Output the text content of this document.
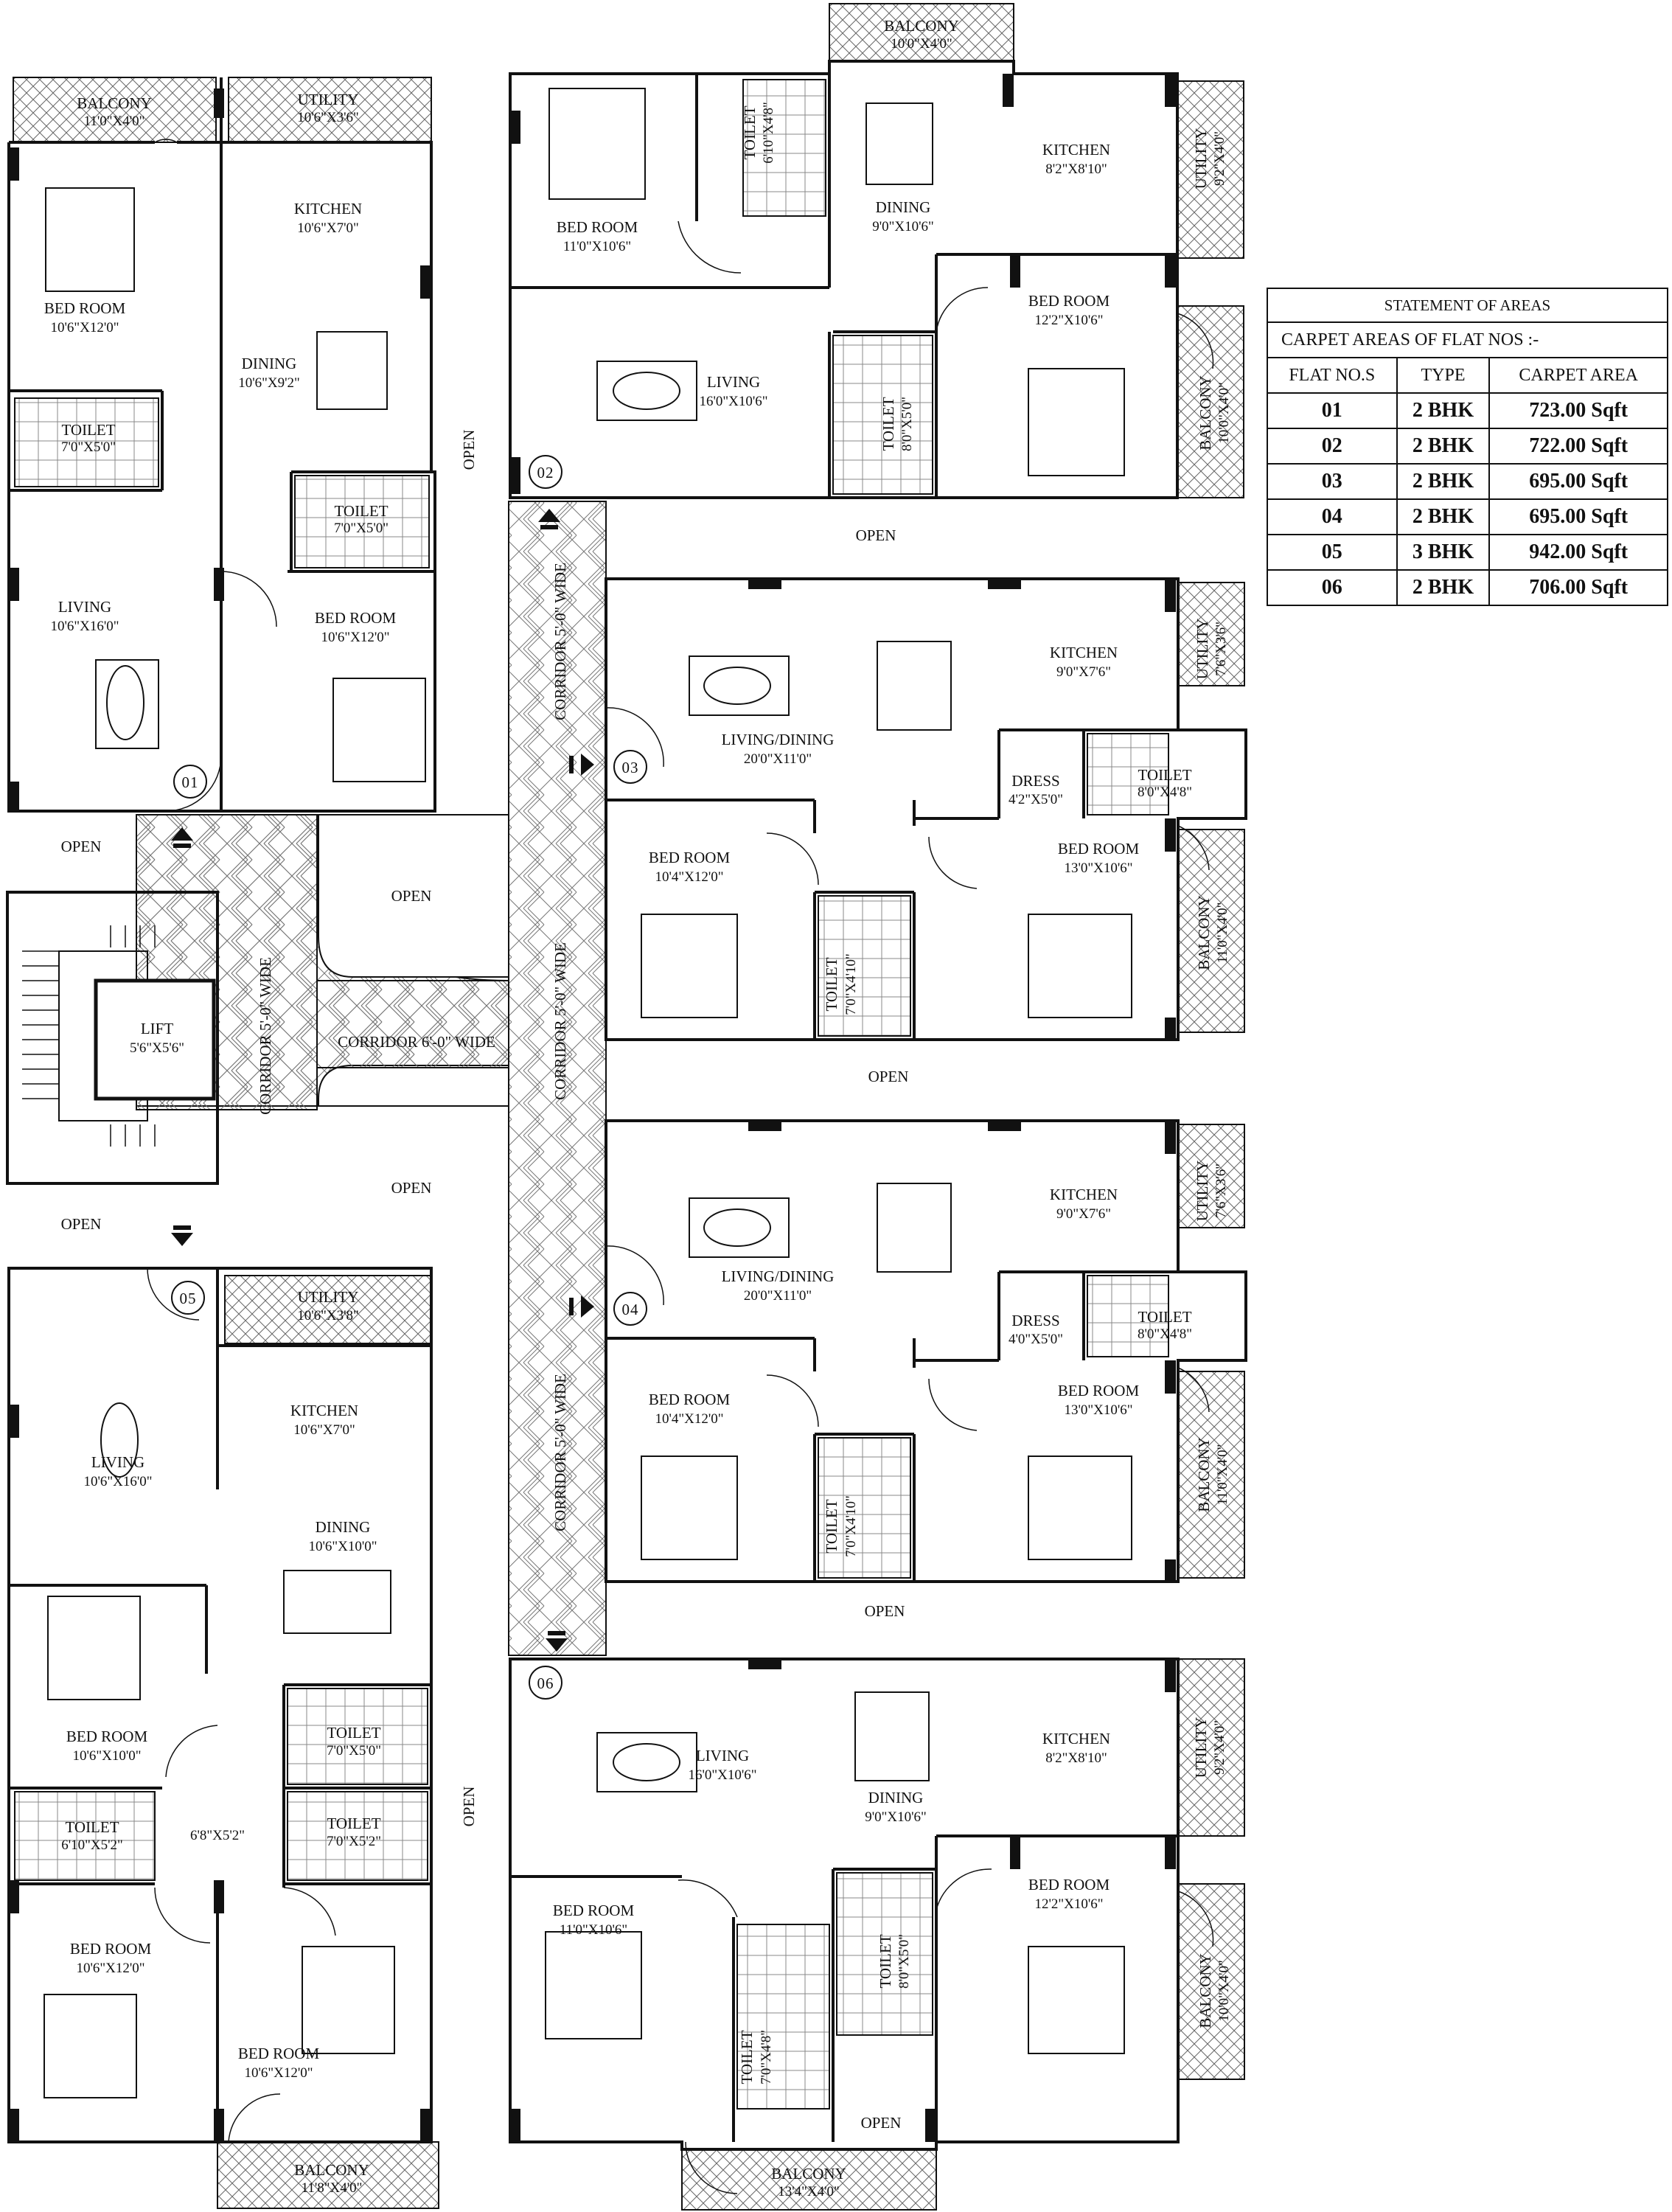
BALCONY
11'0"X4'0"
UTILITY
10'6"X3'6"
KITCHEN
10'6"X7'0"
BED ROOM
10'6"X12'0"
DINING
10'6"X9'2"
TOILET
7'0"X5'0"
TOILET
7'0"X5'0"
LIVING
10'6"X16'0"	BED ROOM
10'6"X12'0"
01
BALCONY
10'0"X4'0"
TOILET 6'10"X4'8"
DINING
9'0"X10'6"
KITCHEN
8'2"X8'10"	UTILITY 9'2"X4'0"
BED ROOM
11'0"X10'6"
BED ROOM
12'2"X10'6"
LIVING
16'0"X10'6"	TOILET 8'0"X5'0"	BALCONY 10'0"X4'0"
02
LIVING/DINING
20'0"X11'0"
KITCHEN
9'0"X7'6"	UTILITY 7'6"X3'6"
DRESS
4'2"X5'0"
TOILET
8'0"X4'8"
BED ROOM
10'4"X12'0"
BED ROOM
13'0"X10'6"
TOILET 7'0"X4'10"
BALCONY 11'0"X4'0"
03
LIVING/DINING
20'0"X11'0"
KITCHEN
9'0"X7'6"	UTILITY 7'6"X3'6"
DRESS
4'0"X5'0"
TOILET
8'0"X4'8"
BED ROOM
10'4"X12'0"
BED ROOM
13'0"X10'6"
TOILET 7'0"X4'10"
BALCONY 11'0"X4'0"
04
UTILITY
10'6"X3'8"
KITCHEN
10'6"X7'0"
LIVING
10'6"X16'0"
DINING
10'6"X10'0"
BED ROOM
10'6"X10'0"
TOILET
7'0"X5'0"
TOILET
6'10"X5'2"
6'8"X5'2"
TOILET
7'0"X5'2"
BED ROOM
10'6"X12'0"
BED ROOM
10'6"X12'0"
BALCONY
11'8"X4'0"
05
LIVING
16'0"X10'6"
DINING
9'0"X10'6"
KITCHEN
8'2"X8'10"	UTILITY 9'2"X4'0"
BED ROOM
11'0"X10'6"
BED ROOM
12'2"X10'6"
TOILET 7'0"X4'8"
TOILET 8'0"X5'0"
OPEN
BALCONY
13'4"X4'0"
BALCONY 10'0"X4'0"
06
OPEN
OPEN
OPEN
OPEN
OPEN
OPEN
OPEN
OPEN
OPEN
CORRIDOR 5'-0" WIDE
CORRIDOR 5'-0" WIDE
CORRIDOR 5'-0" WIDE
CORRIDOR 5'-0" WIDE	CORRIDOR 6'-0" WIDE
LIFT
5'6"X5'6"
STATEMENT OF AREAS		
CARPET AREAS OF FLAT NOS :-		
FLAT NO.S	TYPE	CARPET AREA
01	2 BHK	723.00 Sqft
02	2 BHK	722.00 Sqft
03	2 BHK	695.00 Sqft
04	2 BHK	695.00 Sqft
05	3 BHK	942.00 Sqft
06	2 BHK	706.00 Sqft
